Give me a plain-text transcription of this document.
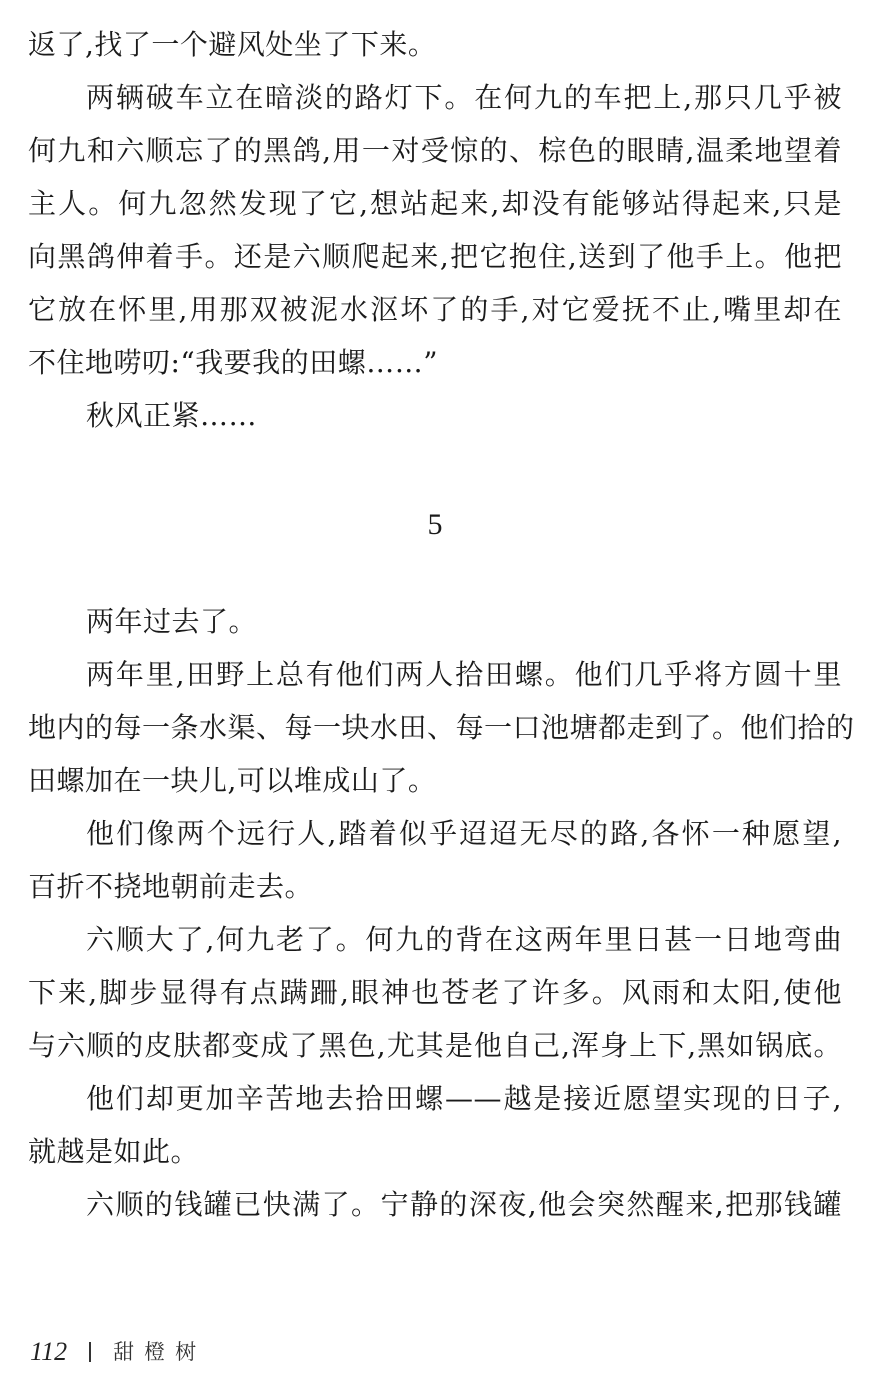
返了,找了一个避风处坐了下来。
两辆破车立在暗淡的路灯下。在何九的车把上,那只几乎被
何九和六顺忘了的黑鸽,用一对受惊的、棕色的眼睛,温柔地望着
主人。何九忽然发现了它,想站起来,却没有能够站得起来,只是
向黑鸽伸着手。还是六顺爬起来,把它抱住,送到了他手上。他把
它放在怀里,用那双被泥水沤坏了的手,对它爱抚不止,嘴里却在
不住地唠叨:“我要我的田螺……”
秋风正紧……
5
两年过去了。
两年里,田野上总有他们两人拾田螺。他们几乎将方圆十里
地内的每一条水渠、每一块水田、每一口池塘都走到了。他们拾的
田螺加在一块儿,可以堆成山了。
他们像两个远行人,踏着似乎迢迢无尽的路,各怀一种愿望,
百折不挠地朝前走去。
六顺大了,何九老了。何九的背在这两年里日甚一日地弯曲
下来,脚步显得有点蹒跚,眼神也苍老了许多。风雨和太阳,使他
与六顺的皮肤都变成了黑色,尤其是他自己,浑身上下,黑如锅底。
他们却更加辛苦地去拾田螺——越是接近愿望实现的日子,
就越是如此。
六顺的钱罐已快满了。宁静的深夜,他会突然醒来,把那钱罐
112 甜橙树
